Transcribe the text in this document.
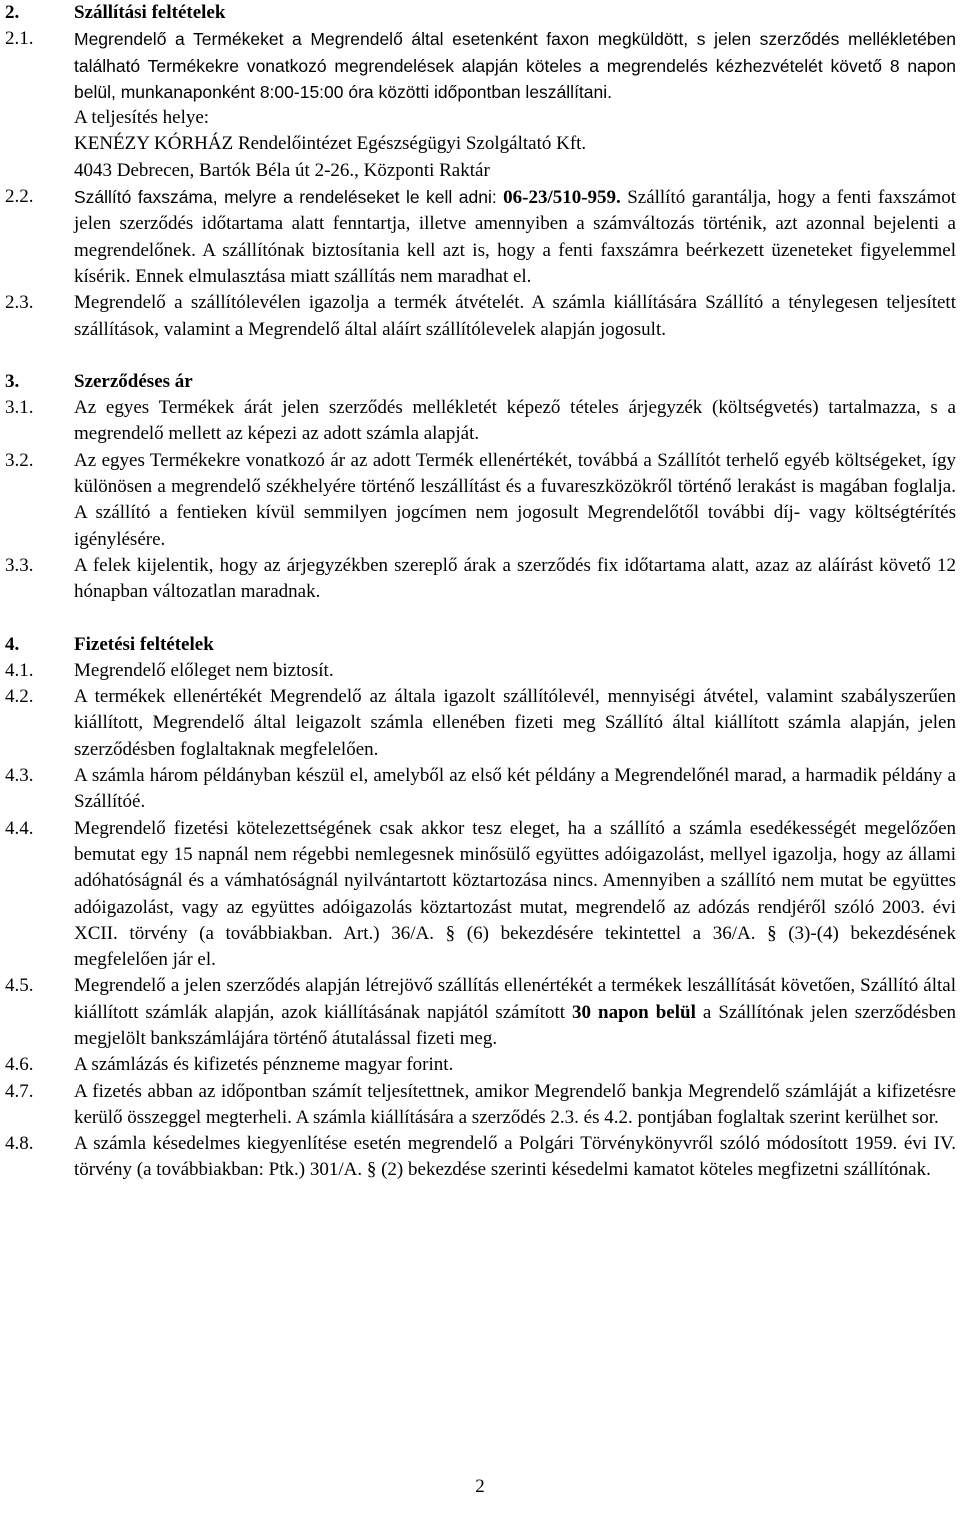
2.	Szállítási feltételek
2.1.	Megrendelő a Termékeket a Megrendelő által esetenként faxon megküldött, s jelen szerződés mellékletében található Termékekre vonatkozó megrendelések alapján köteles a megrendelés kézhezvételét követő 8 napon belül, munkanaponként 8:00-15:00 óra közötti időpontban leszállítani.
A teljesítés helye:
KENÉZY KÓRHÁZ Rendelőintézet Egészségügyi Szolgáltató Kft.
4043 Debrecen, Bartók Béla út 2-26., Központi Raktár
2.2.	Szállító faxszáma, melyre a rendeléseket le kell adni: 06-23/510-959. Szállító garantálja, hogy a fenti faxszámot jelen szerződés időtartama alatt fenntartja, illetve amennyiben a számváltozás történik, azt azonnal bejelenti a megrendelőnek. A szállítónak biztosítania kell azt is, hogy a fenti faxszámra beérkezett üzeneteket figyelemmel kísérik. Ennek elmulasztása miatt szállítás nem maradhat el.
2.3.	Megrendelő a szállítólevélen igazolja a termék átvételét. A számla kiállítására Szállító a ténylegesen teljesített szállítások, valamint a Megrendelő által aláírt szállítólevelek alapján jogosult.
3.	Szerződéses ár
3.1.	Az egyes Termékek árát jelen szerződés mellékletét képező tételes árjegyzék (költségvetés) tartalmazza, s a megrendelő mellett az képezi az adott számla alapját.
3.2.	Az egyes Termékekre vonatkozó ár az adott Termék ellenértékét, továbbá a Szállítót terhelő egyéb költségeket, így különösen a megrendelő székhelyére történő leszállítást és a fuvareszközökről történő lerakást is magában foglalja. A szállító a fentieken kívül semmilyen jogcímen nem jogosult Megrendelőtől további díj- vagy költségtérítés igénylésére.
3.3.	A felek kijelentik, hogy az árjegyzékben szereplő árak a szerződés fix időtartama alatt, azaz az aláírást követő 12 hónapban változatlan maradnak.
4.	Fizetési feltételek
4.1.	Megrendelő előleget nem biztosít.
4.2.	A termékek ellenértékét Megrendelő az általa igazolt szállítólevél, mennyiségi átvétel, valamint szabályszerűen kiállított, Megrendelő által leigazolt számla ellenében fizeti meg Szállító által kiállított számla alapján, jelen szerződésben foglaltaknak megfelelően.
4.3.	A számla három példányban készül el, amelyből az első két példány a Megrendelőnél marad, a harmadik példány a Szállítóé.
4.4.	Megrendelő fizetési kötelezettségének csak akkor tesz eleget, ha a szállító a számla esedékességét megelőzően bemutat egy 15 napnál nem régebbi nemlegesnek minősülő együttes adóigazolást, mellyel igazolja, hogy az állami adóhatóságnál és a vámhatóságnál nyilvántartott köztartozása nincs. Amennyiben a szállító nem mutat be együttes adóigazolást, vagy az együttes adóigazolás köztartozást mutat, megrendelő az adózás rendjéről szóló 2003. évi XCII. törvény (a továbbiakban. Art.) 36/A. § (6) bekezdésére tekintettel a 36/A. § (3)-(4) bekezdésének megfelelően jár el.
4.5.	Megrendelő a jelen szerződés alapján létrejövő szállítás ellenértékét a termékek leszállítását követően, Szállító által kiállított számlák alapján, azok kiállításának napjától számított 30 napon belül a Szállítónak jelen szerződésben megjelölt bankszámlájára történő átutalással fizeti meg.
4.6.	A számlázás és kifizetés pénzneme magyar forint.
4.7.	A fizetés abban az időpontban számít teljesítettnek, amikor Megrendelő bankja Megrendelő számláját a kifizetésre kerülő összeggel megterheli. A számla kiállítására a szerződés 2.3. és 4.2. pontjában foglaltak szerint kerülhet sor.
4.8.	A számla késedelmes kiegyenlítése esetén megrendelő a Polgári Törvénykönyvről szóló módosított 1959. évi IV. törvény (a továbbiakban: Ptk.) 301/A. § (2) bekezdése szerinti késedelmi kamatot köteles megfizetni szállítónak.
2
